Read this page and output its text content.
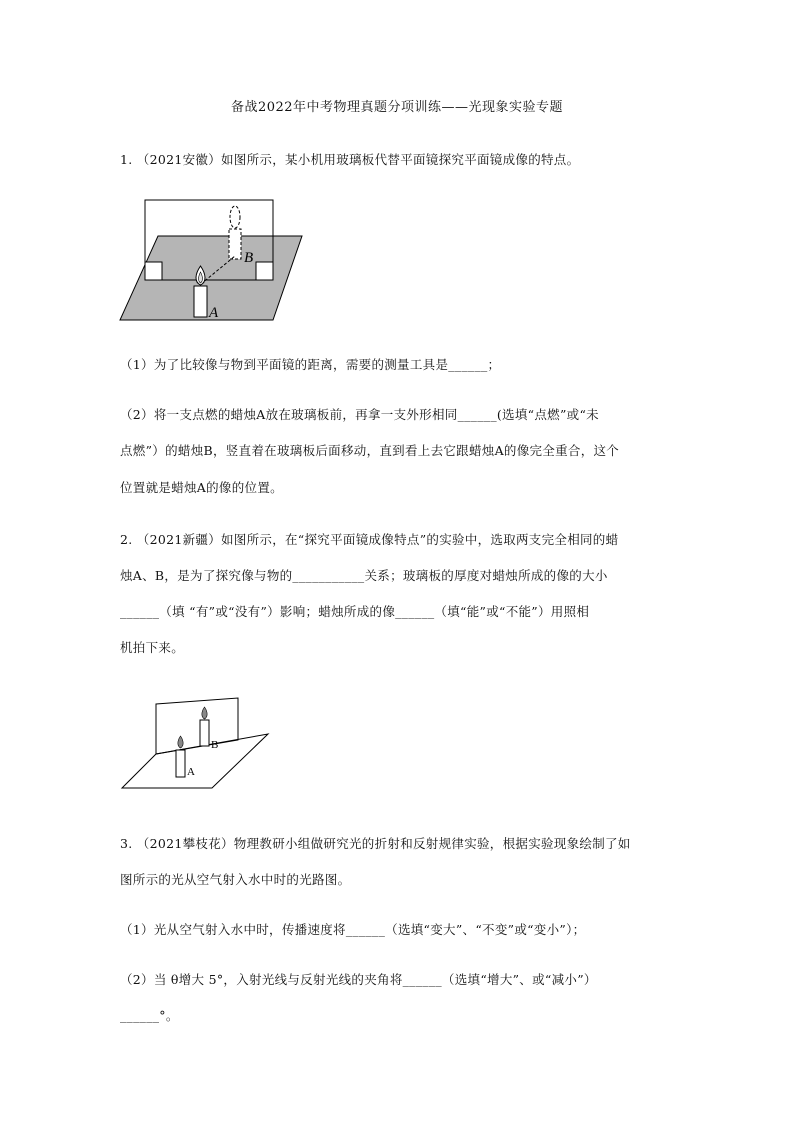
备战2022年中考物理真题分项训练——光现象实验专题
1. （2021安徽）如图所示，某小机用玻璃板代替平面镜探究平面镜成像的特点。
B
A
（1）为了比较像与物到平面镜的距离，需要的测量工具是______；
（2）将一支点燃的蜡烛A放在玻璃板前，再拿一支外形相同______(选填“点燃”或“未
点燃”）的蜡烛B，竖直着在玻璃板后面移动，直到看上去它跟蜡烛A的像完全重合，这个
位置就是蜡烛A的像的位置。
2. （2021新疆）如图所示，在“探究平面镜成像特点”的实验中，选取两支完全相同的蜡
烛A、B，是为了探究像与物的___________关系；玻璃板的厚度对蜡烛所成的像的大小
______（填 “有”或“没有”）影响；蜡烛所成的像______（填“能”或“不能”）用照相
机拍下来。
B
A
3. （2021攀枝花）物理教研小组做研究光的折射和反射规律实验，根据实验现象绘制了如
图所示的光从空气射入水中时的光路图。
（1）光从空气射入水中时，传播速度将______（选填“变大”、“不变”或“变小”）；
（2）当 θ增大 5°，入射光线与反射光线的夹角将______（选填“增大”、或“减小”）
______°。
